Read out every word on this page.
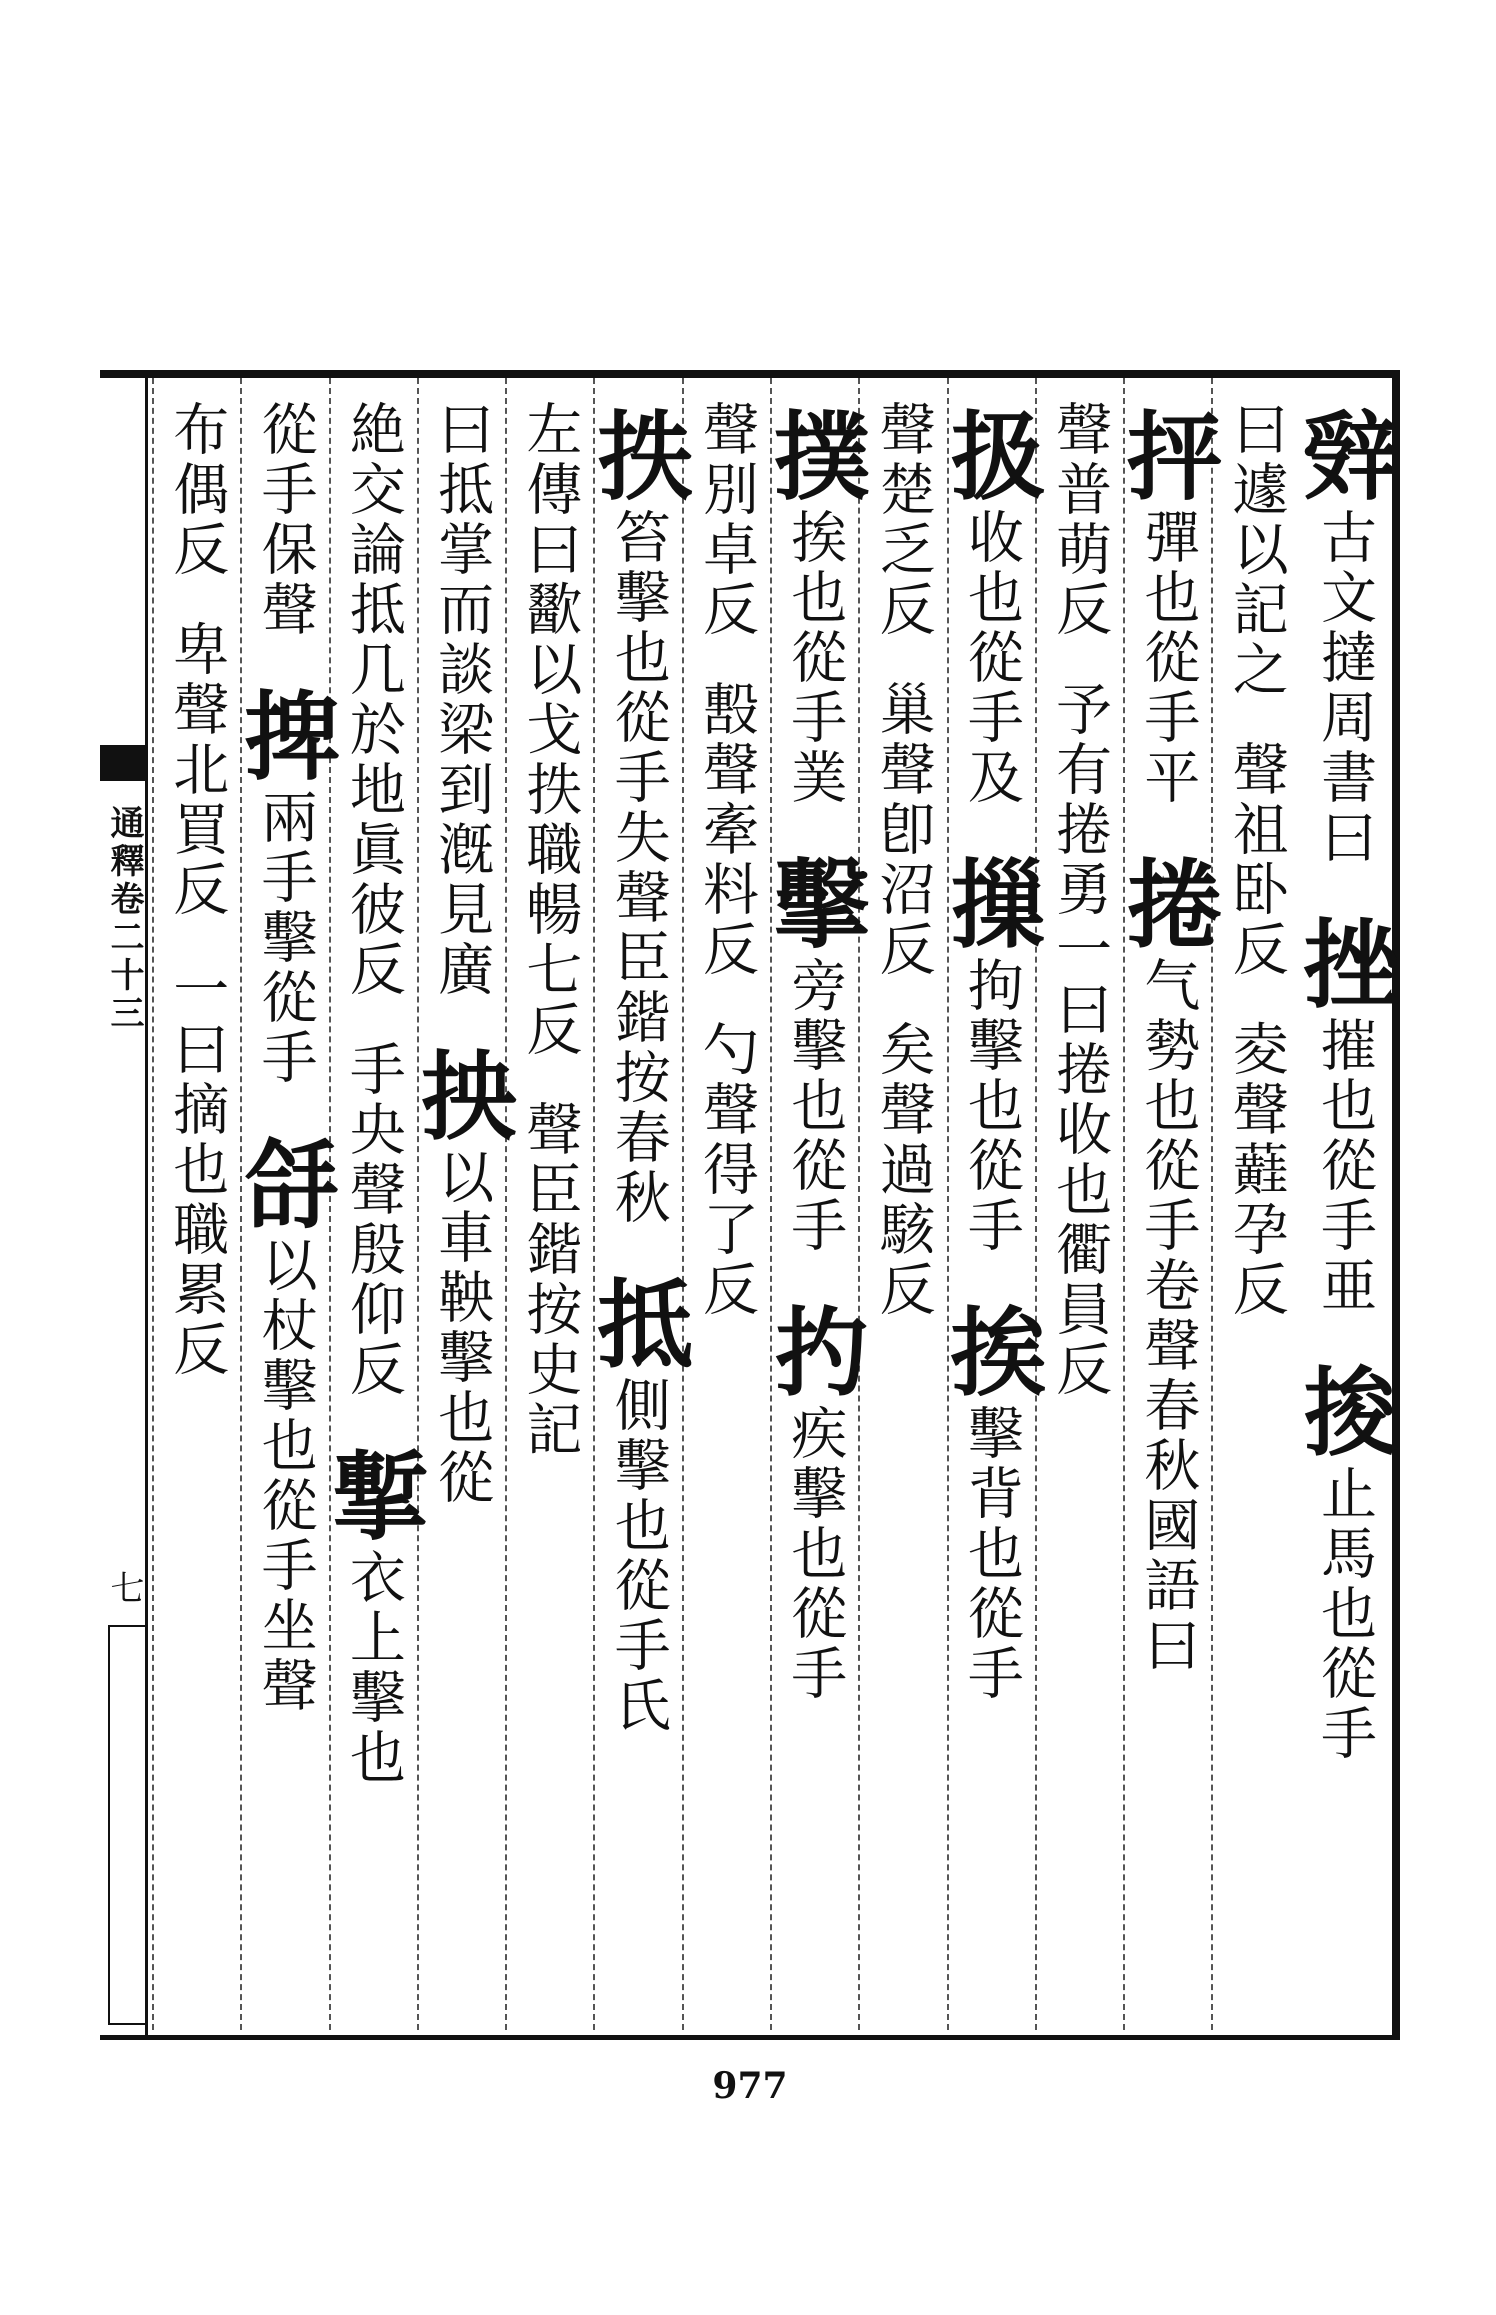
通釋卷二十三
七
辤古文撻周書曰挫摧也從手亜捘止馬也從手
曰遽以記之聲祖卧反夌聲蘳孕反
抨彈也從手平捲气勢也從手卷聲春秋國語曰
聲普萌反予有捲勇一曰捲收也衢員反
扱收也從手及摷拘擊也從手挨擊背也從手
聲楚乏反巢聲卽沼反矣聲過駭反
撲挨也從手菐擊旁擊也從手扚疾擊也從手
聲別卓反毄聲牽料反勺聲得了反
抶笞擊也從手失聲臣鍇按春秋抵側擊也從手氏
左傳曰歠以戈抶職暢七反聲臣鍇按史記
曰抵掌而談梁到漑見廣抰以車鞅擊也從
絶交論抵几於地眞彼反手央聲殷仰反㨻衣上擊也
從手保聲捭兩手擊從手㧱以杖擊也從手坐聲
布偶反卑聲北買反一曰摘也職累反
977
